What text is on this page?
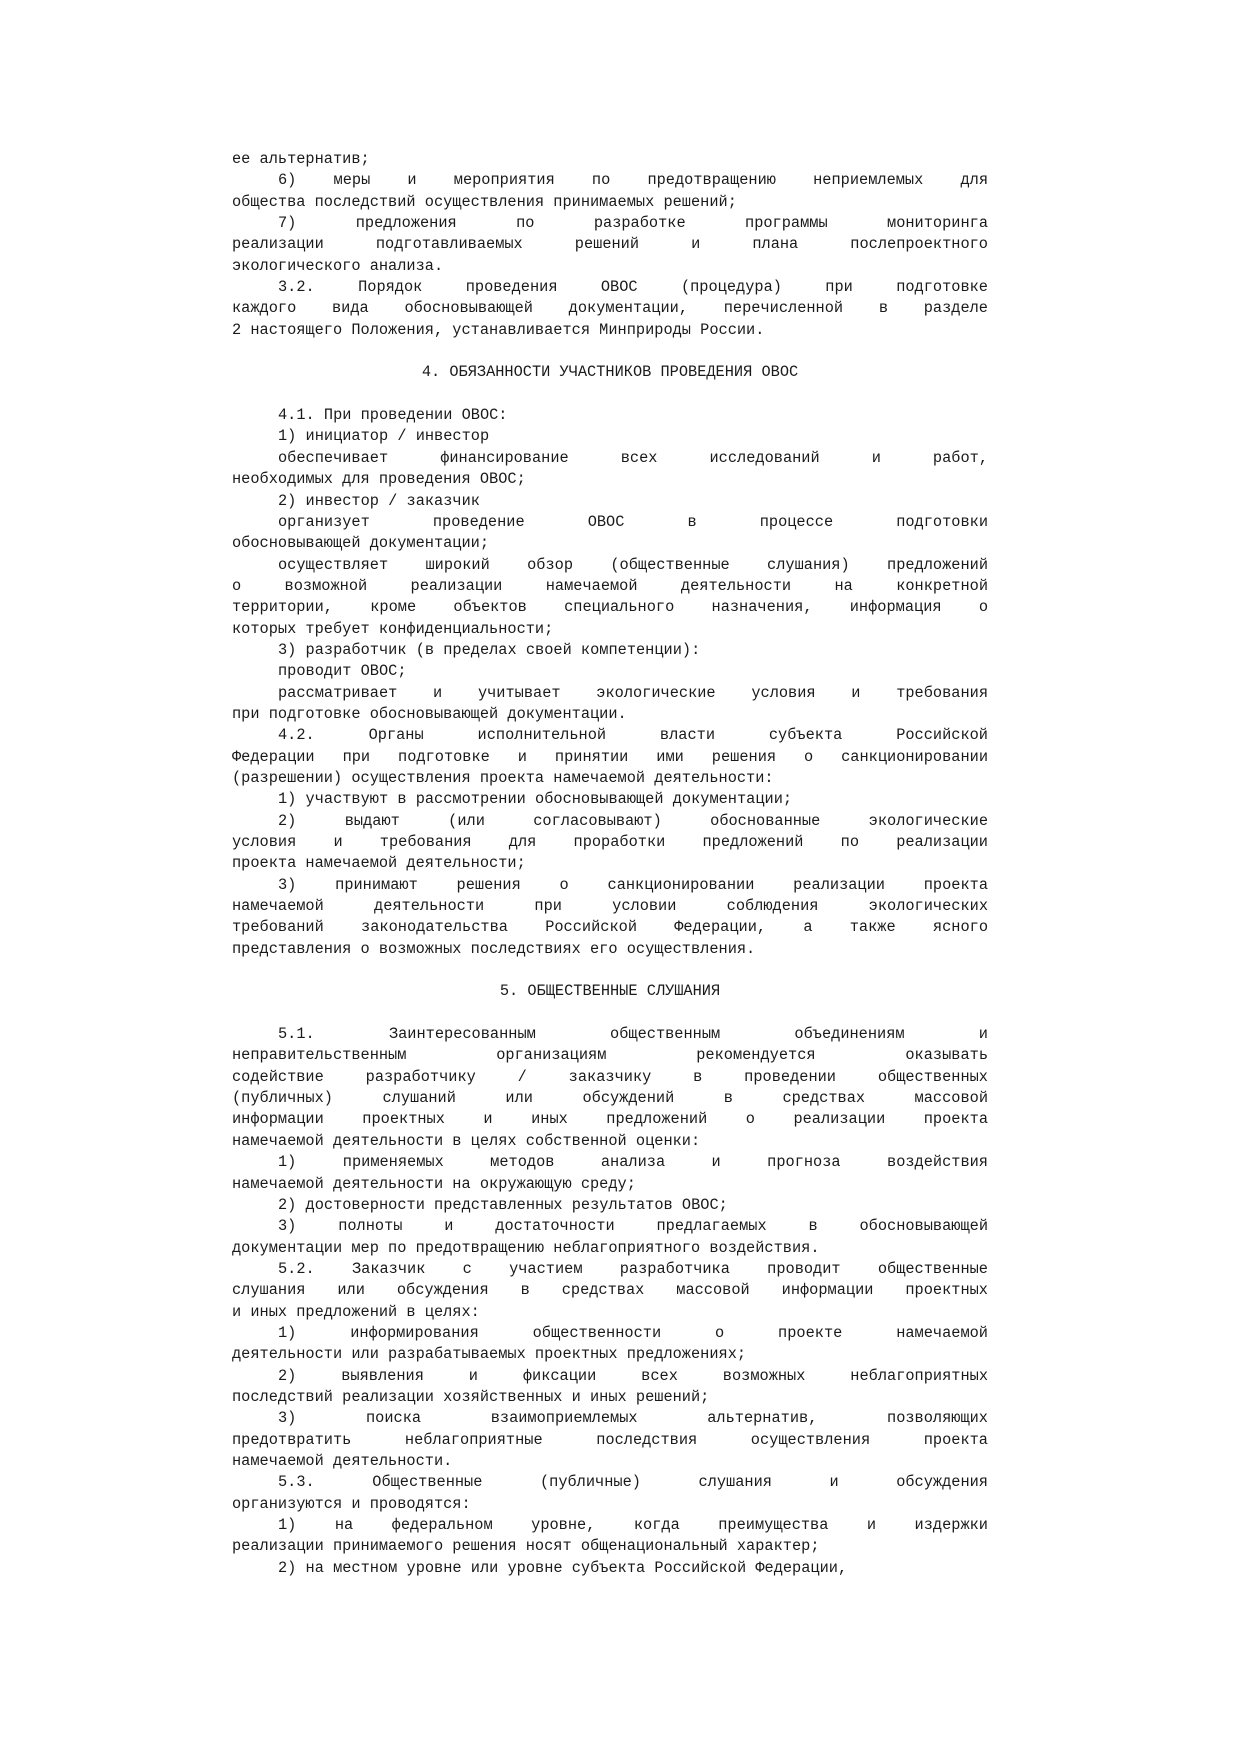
ее альтернатив;
6) меры и мероприятия по предотвращению неприемлемых для
общества последствий осуществления принимаемых решений;
7) предложения по разработке программы мониторинга
реализации подготавливаемых решений и плана послепроектного
экологического анализа.
3.2. Порядок проведения ОВОС (процедура) при подготовке
каждого вида обосновывающей документации, перечисленной в разделе
2 настоящего Положения, устанавливается Минприроды России.
4. ОБЯЗАННОСТИ УЧАСТНИКОВ ПРОВЕДЕНИЯ ОВОС
4.1. При проведении ОВОС:
1) инициатор / инвестор
обеспечивает финансирование всех исследований и работ,
необходимых для проведения ОВОС;
2) инвестор / заказчик
организует проведение ОВОС в процессе подготовки
обосновывающей документации;
осуществляет широкий обзор (общественные слушания) предложений
о возможной реализации намечаемой деятельности на конкретной
территории, кроме объектов специального назначения, информация о
которых требует конфиденциальности;
3) разработчик (в пределах своей компетенции):
проводит ОВОС;
рассматривает и учитывает экологические условия и требования
при подготовке обосновывающей документации.
4.2. Органы исполнительной власти субъекта Российской
Федерации при подготовке и принятии ими решения о санкционировании
(разрешении) осуществления проекта намечаемой деятельности:
1) участвуют в рассмотрении обосновывающей документации;
2) выдают (или согласовывают) обоснованные экологические
условия и требования для проработки предложений по реализации
проекта намечаемой деятельности;
3) принимают решения о санкционировании реализации проекта
намечаемой деятельности при условии соблюдения экологических
требований законодательства Российской Федерации, а также ясного
представления о возможных последствиях его осуществления.
5. ОБЩЕСТВЕННЫЕ СЛУШАНИЯ
5.1. Заинтересованным общественным объединениям и
неправительственным организациям рекомендуется оказывать
содействие разработчику / заказчику в проведении общественных
(публичных) слушаний или обсуждений в средствах массовой
информации проектных и иных предложений о реализации проекта
намечаемой деятельности в целях собственной оценки:
1) применяемых методов анализа и прогноза воздействия
намечаемой деятельности на окружающую среду;
2) достоверности представленных результатов ОВОС;
3) полноты и достаточности предлагаемых в обосновывающей
документации мер по предотвращению неблагоприятного воздействия.
5.2. Заказчик с участием разработчика проводит общественные
слушания или обсуждения в средствах массовой информации проектных
и иных предложений в целях:
1) информирования общественности о проекте намечаемой
деятельности или разрабатываемых проектных предложениях;
2) выявления и фиксации всех возможных неблагоприятных
последствий реализации хозяйственных и иных решений;
3) поиска взаимоприемлемых альтернатив, позволяющих
предотвратить неблагоприятные последствия осуществления проекта
намечаемой деятельности.
5.3. Общественные (публичные) слушания и обсуждения
организуются и проводятся:
1) на федеральном уровне, когда преимущества и издержки
реализации принимаемого решения носят общенациональный характер;
2) на местном уровне или уровне субъекта Российской Федерации,
